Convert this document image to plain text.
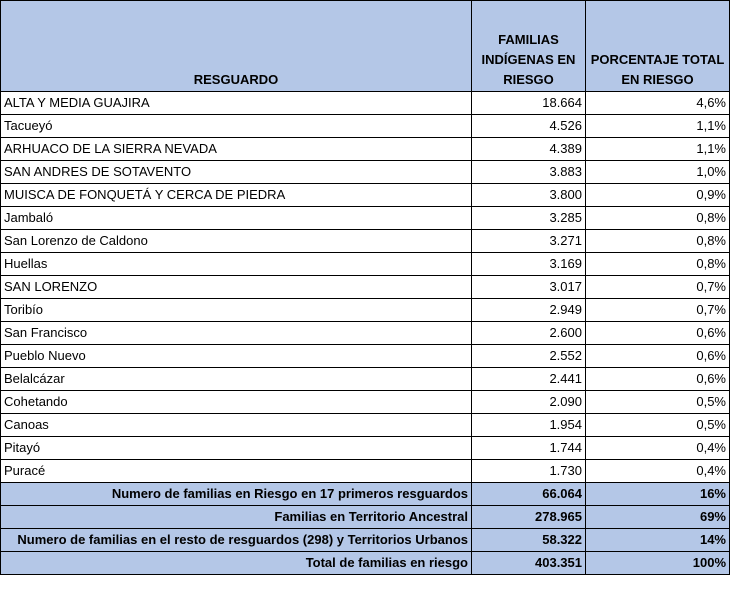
RESGUARDO	FAMILIAS INDÍGENAS EN RIESGO	PORCENTAJE TOTAL EN RIESGO
ALTA Y MEDIA GUAJIRA	18.664	4,6%
Tacueyó	4.526	1,1%
ARHUACO DE LA SIERRA NEVADA	4.389	1,1%
SAN ANDRES DE SOTAVENTO	3.883	1,0%
MUISCA DE FONQUETÁ Y CERCA DE PIEDRA	3.800	0,9%
Jambaló	3.285	0,8%
San Lorenzo de Caldono	3.271	0,8%
Huellas	3.169	0,8%
SAN LORENZO	3.017	0,7%
Toribío	2.949	0,7%
San Francisco	2.600	0,6%
Pueblo Nuevo	2.552	0,6%
Belalcázar	2.441	0,6%
Cohetando	2.090	0,5%
Canoas	1.954	0,5%
Pitayó	1.744	0,4%
Puracé	1.730	0,4%
Numero de familias en Riesgo en 17 primeros resguardos	66.064	16%
Familias en Territorio Ancestral	278.965	69%
Numero de familias en el resto de resguardos (298) y Territorios Urbanos	58.322	14%
Total de familias en riesgo	403.351	100%
